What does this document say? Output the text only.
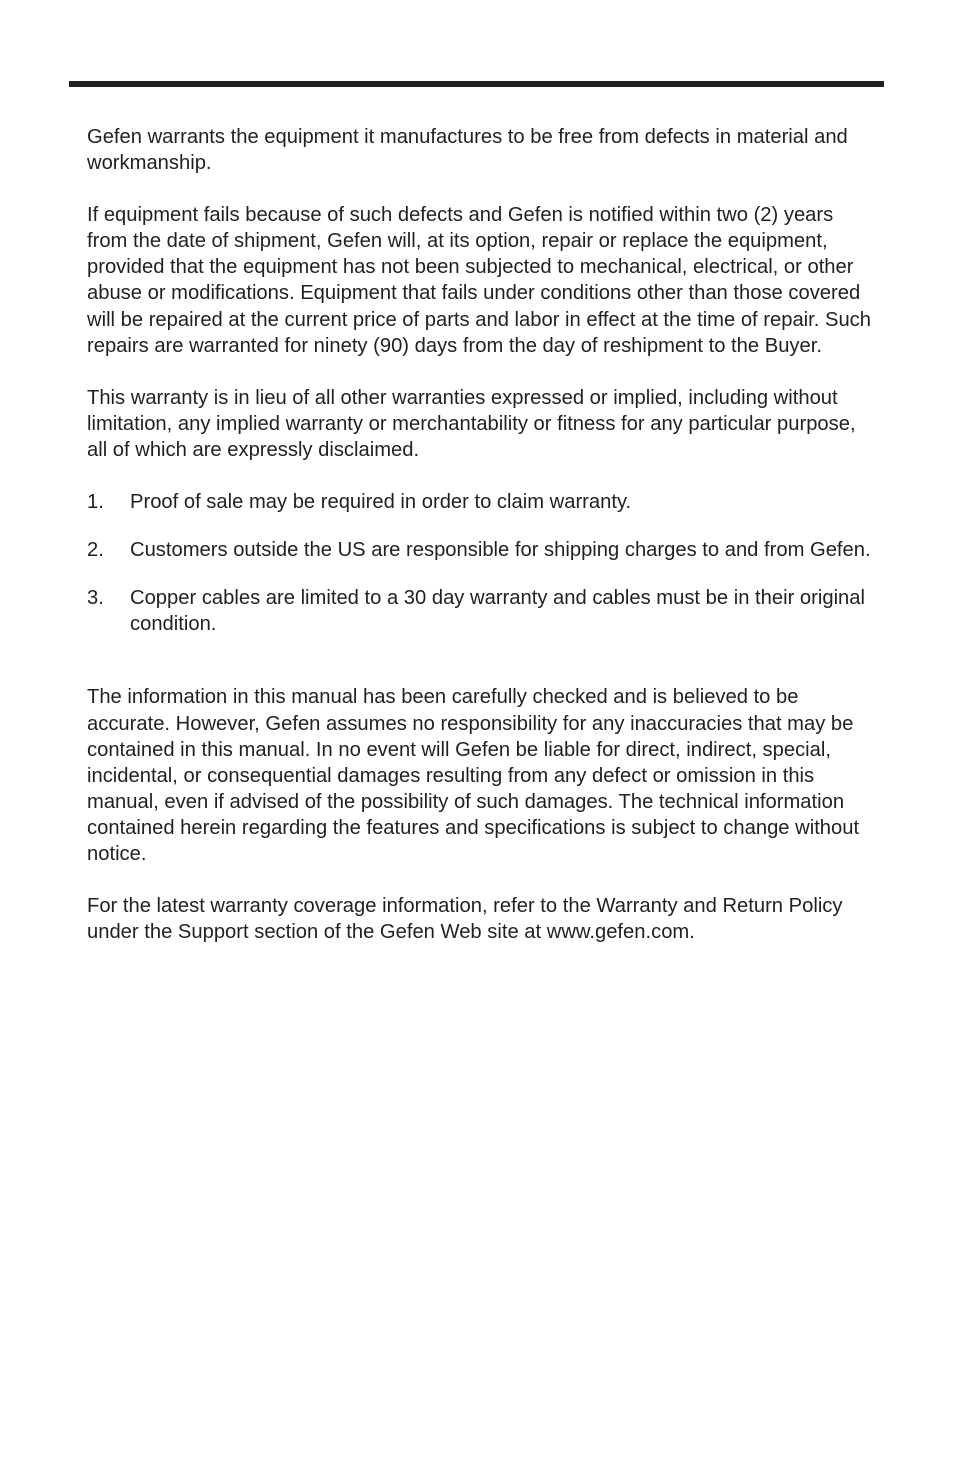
Gefen warrants the equipment it manufactures to be free from defects in material and workmanship.

If equipment fails because of such defects and Gefen is notified within two (2) years from the date of shipment, Gefen will, at its option, repair or replace the equipment, provided that the equipment has not been subjected to mechanical, electrical, or other abuse or modifications. Equipment that fails under conditions other than those covered will be repaired at the current price of parts and labor in effect at the time of repair. Such repairs are warranted for ninety (90) days from the day of reshipment to the Buyer.

This warranty is in lieu of all other warranties expressed or implied, including without limitation, any implied warranty or merchantability or fitness for any particular purpose, all of which are expressly disclaimed.

1. Proof of sale may be required in order to claim warranty.
2. Customers outside the US are responsible for shipping charges to and from Gefen.
3. Copper cables are limited to a 30 day warranty and cables must be in their original condition.

The information in this manual has been carefully checked and is believed to be accurate. However, Gefen assumes no responsibility for any inaccuracies that may be contained in this manual. In no event will Gefen be liable for direct, indirect, special, incidental, or consequential damages resulting from any defect or omission in this manual, even if advised of the possibility of such damages. The technical information contained herein regarding the features and specifications is subject to change without notice.

For the latest warranty coverage information, refer to the Warranty and Return Policy under the Support section of the Gefen Web site at www.gefen.com.
